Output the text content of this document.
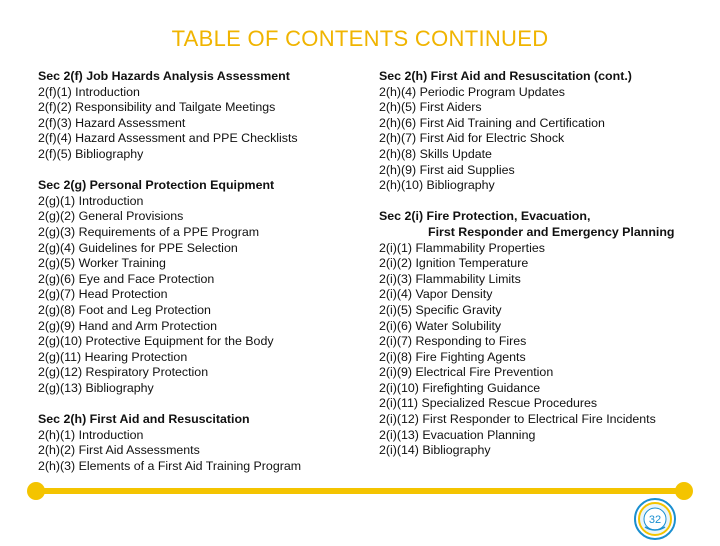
TABLE OF CONTENTS CONTINUED
Sec 2(f) Job Hazards Analysis Assessment
2(f)(1) Introduction
2(f)(2) Responsibility and Tailgate Meetings
2(f)(3) Hazard Assessment
2(f)(4) Hazard Assessment and PPE Checklists
2(f)(5) Bibliography
Sec 2(g) Personal Protection Equipment
2(g)(1) Introduction
2(g)(2) General Provisions
2(g)(3) Requirements of a PPE Program
2(g)(4) Guidelines for PPE Selection
2(g)(5) Worker Training
2(g)(6) Eye and Face Protection
2(g)(7) Head Protection
2(g)(8) Foot and Leg Protection
2(g)(9) Hand and Arm Protection
2(g)(10) Protective Equipment for the Body
2(g)(11) Hearing Protection
2(g)(12) Respiratory Protection
2(g)(13) Bibliography
Sec 2(h) First Aid and Resuscitation
2(h)(1) Introduction
2(h)(2) First Aid Assessments
2(h)(3) Elements of a First Aid Training Program
Sec 2(h) First Aid and Resuscitation (cont.)
2(h)(4) Periodic Program Updates
2(h)(5) First Aiders
2(h)(6) First Aid Training and Certification
2(h)(7) First Aid for Electric Shock
2(h)(8) Skills Update
2(h)(9) First aid Supplies
2(h)(10) Bibliography
Sec 2(i) Fire Protection, Evacuation,
First Responder and Emergency Planning
2(i)(1) Flammability Properties
2(i)(2) Ignition Temperature
2(i)(3) Flammability Limits
2(i)(4) Vapor Density
2(i)(5) Specific Gravity
2(i)(6) Water Solubility
2(i)(7) Responding to Fires
2(i)(8) Fire Fighting Agents
2(i)(9) Electrical Fire Prevention
2(i)(10) Firefighting Guidance
2(i)(11) Specialized Rescue Procedures
2(i)(12) First Responder to Electrical Fire Incidents
2(i)(13) Evacuation Planning
2(i)(14) Bibliography
32
